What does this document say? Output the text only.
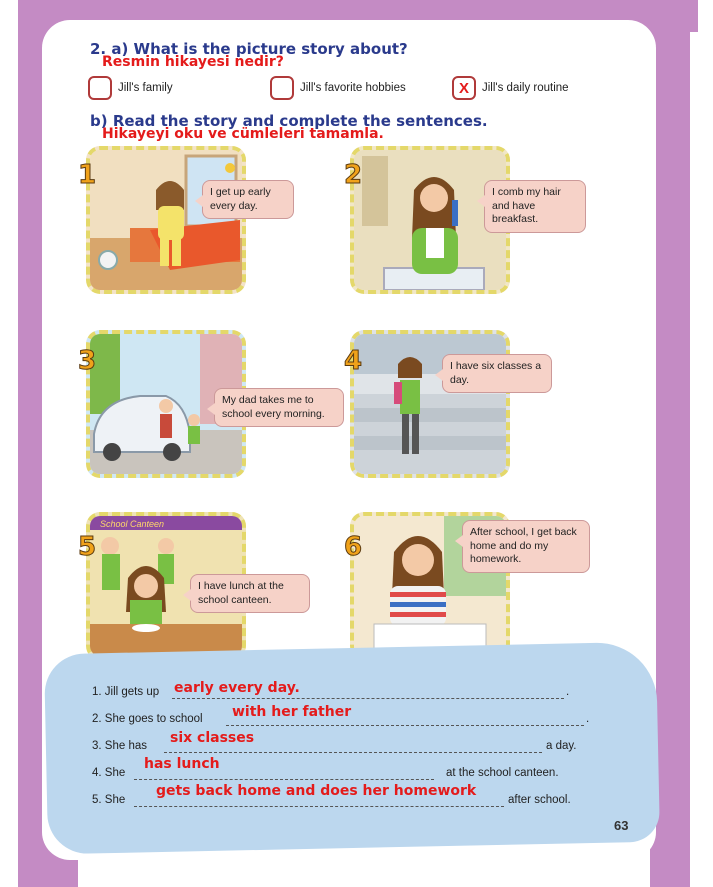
2. a) What is the picture story about?
Resmin hikayesi nedir?
Jill's family	Jill's favorite hobbies	X Jill's daily routine
b) Read the story and complete the sentences.
Hikayeyi oku ve cümleleri tamamla.
1
I get up early every day.
2
I comb my hair and have breakfast.
3
My dad takes me to school every morning.
4	I have six classes a day.
School Canteen
5
I have lunch at the school canteen.
6	After school, I get back home and do my homework.
1. Jill gets up	.
early every day.
2. She goes to school	.
with her father
3. She has	a day.
six classes
4. She	at the school canteen.
has lunch
5. She	after school.
gets back home and does her homework
63
